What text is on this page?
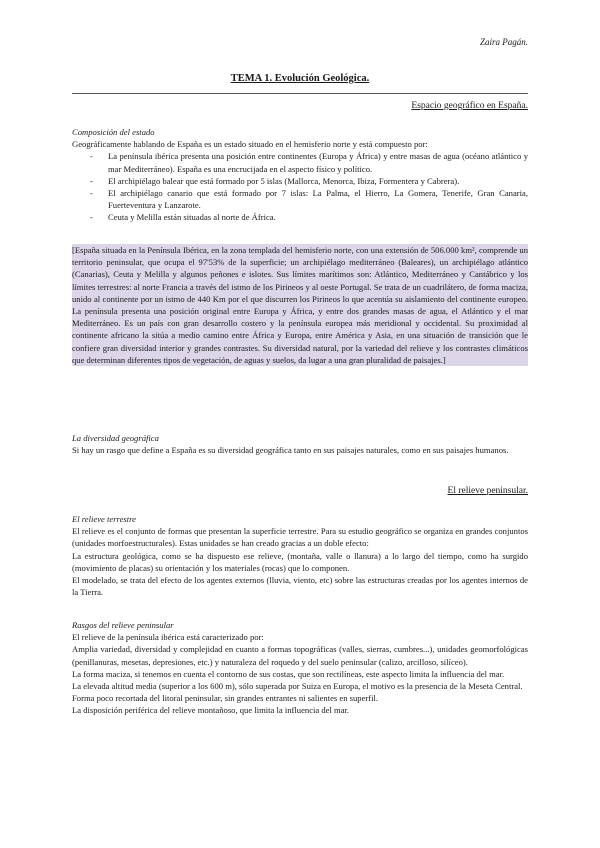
Zaira Pagán.
TEMA 1. Evolución Geológica.
Espacio geográfico en España.

Composición del estado

Geográficamente hablando de España es un estado situado en el hemisferio norte y está compuesto por:

- La península ibérica presenta una posición entre continentes (Europa y África) y entre masas de agua (océano atlántico y mar Mediterráneo). España es una encrucijada en el aspecto físico y político.
- El archipiélago balear que está formado por 5 islas (Mallorca, Menorca, Ibiza, Formentera y Cabrera).
- El archipiélago canario que está formado por 7 islas: La Palma, el Hierro, La Gomera, Tenerife, Gran Canaria, Fuerteventura y Lanzarote.
- Ceuta y Melilla están situadas al norte de África.

[España situada en la Península Ibérica, en la zona templada del hemisferio norte, con una extensión de 506.000 km², comprende un territorio peninsular, que ocupa el 97'53% de la superficie; un archipiélago mediterráneo (Baleares), un archipiélago atlántico (Canarias), Ceuta y Melilla y algunos peñones e islotes. Sus límites marítimos son: Atlántico, Mediterráneo y Cantábrico y los límites terrestres: al norte Francia a través del istmo de los Pirineos y al oeste Portugal. Se trata de un cuadrilátero, de forma maciza, unido al continente por un istmo de 440 Km por el que discurren los Pirineos lo que acentúa su aislamiento del continente europeo. La península presenta una posición original entre Europa y África, y entre dos grandes masas de agua, el Atlántico y el mar Mediterráneo. Es un país con gran desarrollo costero y la península europea más meridional y occidental. Su proximidad al continente africano la sitúa a medio camino entre África y Europa, entre América y Asia, en una situación de transición que le confiere gran diversidad interior y grandes contrastes. Su diversidad natural, por la variedad del relieve y los contrastes climáticos que determinan diferentes tipos de vegetación, de aguas y suelos, da lugar a una gran pluralidad de paisajes.]

La diversidad geográfica

Si hay un rasgo que define a España es su diversidad geográfica tanto en sus paisajes naturales, como en sus paisajes humanos.

El relieve peninsular.

El relieve terrestre

El relieve es el conjunto de formas que presentan la superficie terrestre. Para su estudio geográfico se organiza en grandes conjuntos (unidades morfoestructurales). Estas unidades se han creado gracias a un doble efecto:

La estructura geológica, como se ha dispuesto ese relieve, (montaña, valle o llanura) a lo largo del tiempo, como ha surgido (movimiento de placas) su orientación y los materiales (rocas) que lo componen.

El modelado, se trata del efecto de los agentes externos (lluvia, viento, etc) sobre las estructuras creadas por los agentes internos de la Tierra.

Rasgos del relieve peninsular

El relieve de la península ibérica está caracterizado por:

Amplia variedad, diversidad y complejidad en cuanto a formas topográficas (valles, sierras, cumbres...), unidades geomorfológicas (penillanuras, mesetas, depresiones, etc.) y naturaleza del roquedo y del suelo peninsular (calizo, arcilloso, silíceo).

La forma maciza, si tenemos en cuenta el contorno de sus costas, que son rectilíneas, este aspecto limita la influencia del mar.

La elevada altitud media (superior a los 600 m), sólo superada por Suiza en Europa, el motivo es la presencia de la Meseta Central.

Forma poco recortada del litoral peninsular, sin grandes entrantes ni salientes en superfil.

La disposición periférica del relieve montañoso, que limita la influencia del mar.
